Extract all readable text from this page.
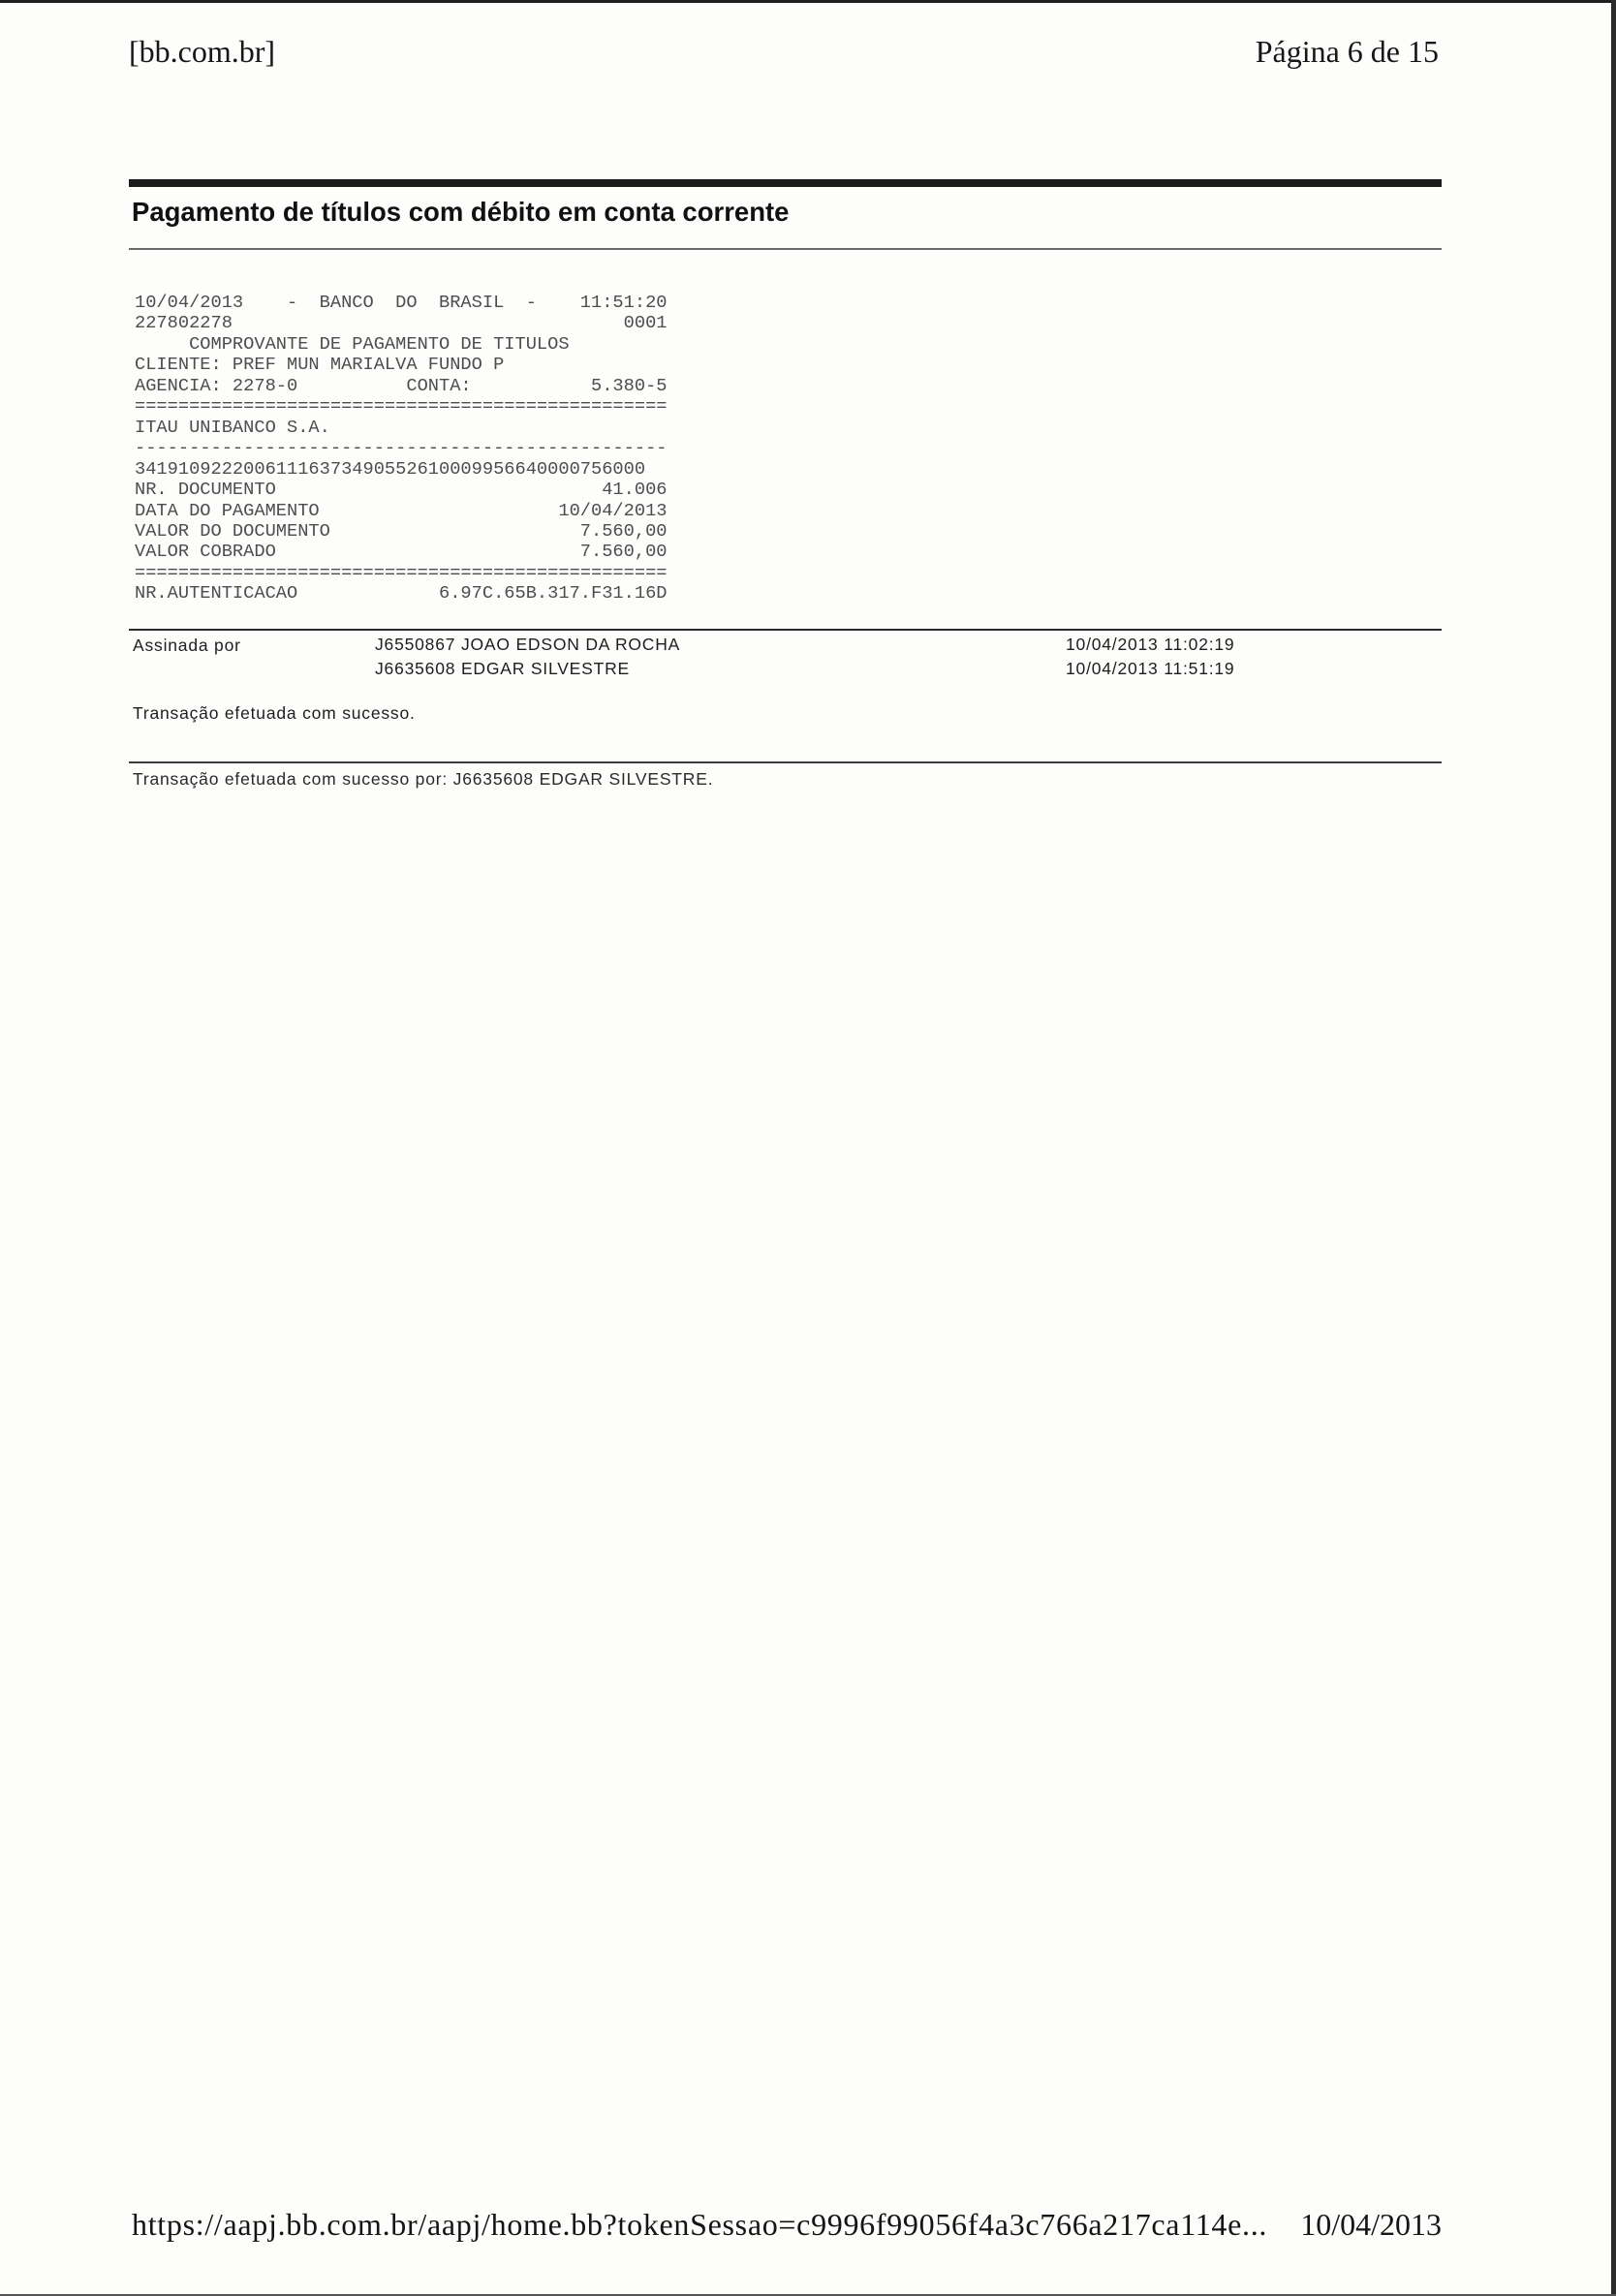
[bb.com.br]	Página 6 de 15
Pagamento de títulos com débito em conta corrente
10/04/2013    -  BANCO  DO  BRASIL  -    11:51:20
227802278                                    0001
COMPROVANTE DE PAGAMENTO DE TITULOS
CLIENTE: PREF MUN MARIALVA FUNDO P
AGENCIA: 2278-0          CONTA:           5.380-5
=================================================
ITAU UNIBANCO S.A.
-------------------------------------------------
34191092220061116373490552610009956640000756000
NR. DOCUMENTO                              41.006
DATA DO PAGAMENTO                      10/04/2013
VALOR DO DOCUMENTO                       7.560,00
VALOR COBRADO                            7.560,00
=================================================
NR.AUTENTICACAO             6.97C.65B.317.F31.16D
Assinada por	J6550867 JOAO EDSON DA ROCHA	10/04/2013 11:02:19
J6635608 EDGAR SILVESTRE	10/04/2013 11:51:19
Transação efetuada com sucesso.
Transação efetuada com sucesso por: J6635608 EDGAR SILVESTRE.
https://aapj.bb.com.br/aapj/home.bb?tokenSessao=c9996f99056f4a3c766a217ca114e... 10/04/2013
